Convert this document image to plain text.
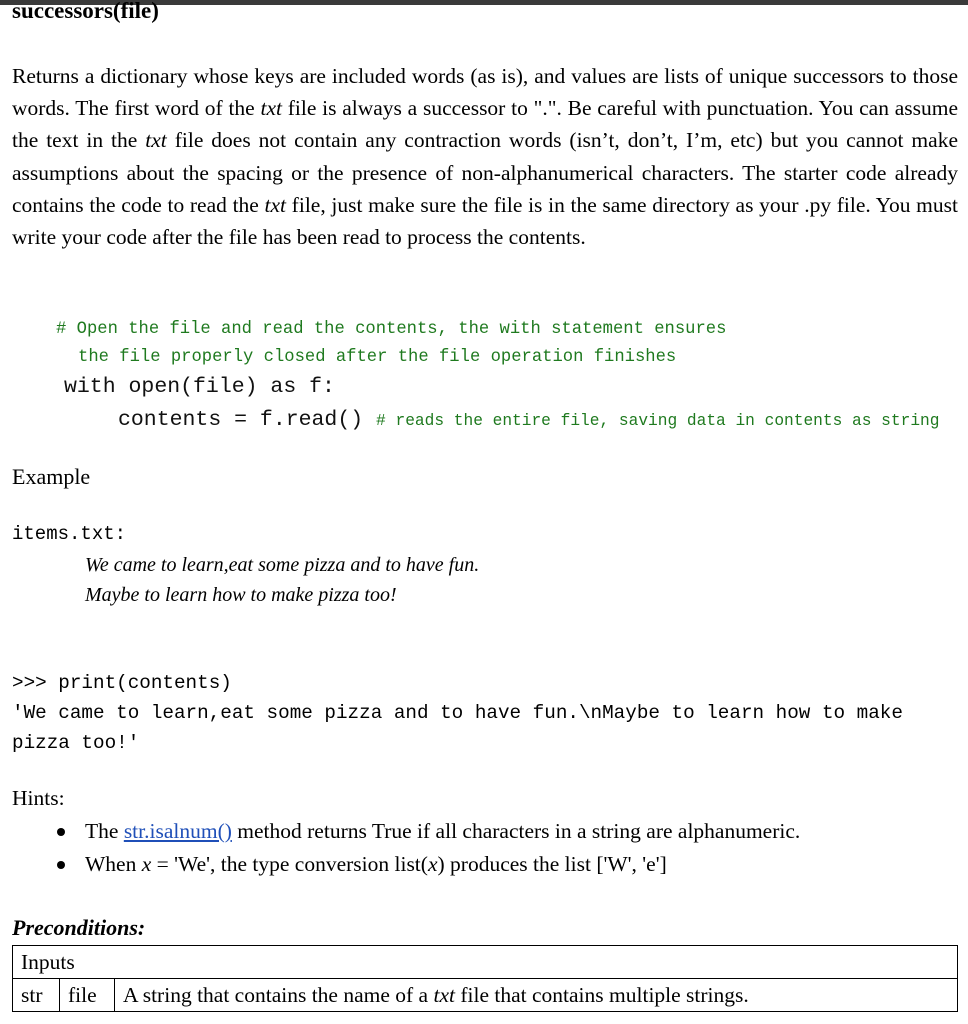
successors(file)

Returns a dictionary whose keys are included words (as is), and values are lists of unique successors to those words. The first word of the txt file is always a successor to ".". Be careful with punctuation. You can assume the text in the txt file does not contain any contraction words (isn’t, don’t, I’m, etc) but you cannot make assumptions about the spacing or the presence of non-alphanumerical characters. The starter code already contains the code to read the txt file, just make sure the file is in the same directory as your .py file. You must write your code after the file has been read to process the contents.

# Open the file and read the contents, the with statement ensures
the file properly closed after the file operation finishes
with open(file) as f:
contents = f.read() # reads the entire file, saving data in contents as string
Example
items.txt:
We came to learn,eat some pizza and to have fun.
Maybe to learn how to make pizza too!
>>> print(contents)
'We came to learn,eat some pizza and to have fun.\nMaybe to learn how to make
pizza too!'
Hints:
The str.isalnum() method returns True if all characters in a string are alphanumeric.
When x = 'We', the type conversion list(x) produces the list ['W', 'e']
Preconditions:
Inputs
str	file	A string that contains the name of a txt file that contains multiple strings.
